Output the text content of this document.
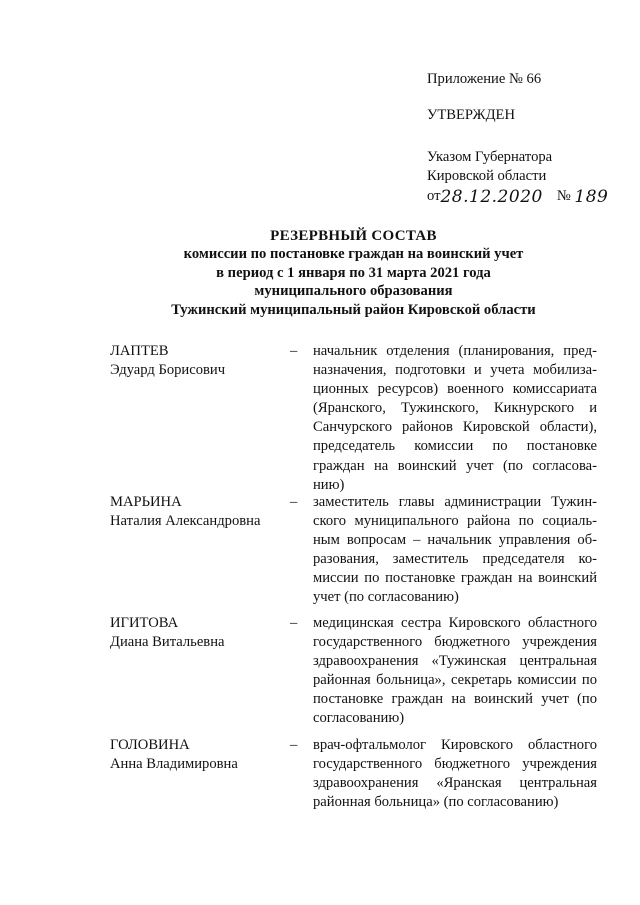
Приложение № 66
УТВЕРЖДЕН
Указом Губернатора
Кировской области
от28.12.2020 № 189
РЕЗЕРВНЫЙ СОСТАВ
комиссии по постановке граждан на воинский учет
в период с 1 января по 31 марта 2021 года
муниципального образования
Тужинский муниципальный район Кировской области
ЛАПТЕВ
Эдуард Борисович
– начальник отделения (планирования, пред-назначения, подготовки и учета мобилиза-ционных ресурсов) военного комиссариата (Яранского, Тужинского, Кикнурского и Санчурского районов Кировской области), председатель комиссии по постановке граждан на воинский учет (по согласова-нию)
МАРЬИНА
Наталия Александровна
– заместитель главы администрации Тужин-ского муниципального района по социаль-ным вопросам – начальник управления об-разования, заместитель председателя ко-миссии по постановке граждан на воинский учет (по согласованию)
ИГИТОВА
Диана Витальевна
– медицинская сестра Кировского областного государственного бюджетного учреждения здравоохранения «Тужинская центральная районная больница», секретарь комиссии по постановке граждан на воинский учет (по согласованию)
ГОЛОВИНА
Анна Владимировна
– врач-офтальмолог Кировского областного государственного бюджетного учреждения здравоохранения «Яранская центральная районная больница» (по согласованию)
